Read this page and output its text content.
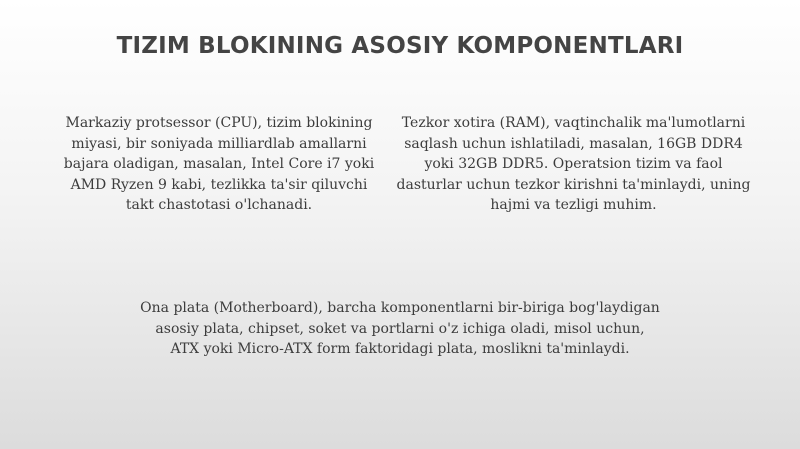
TIZIM BLOKINING ASOSIY KOMPONENTLARI
Markaziy protsessor (CPU), tizim blokining miyasi, bir soniyada milliardlab amallarni bajara oladigan, masalan, Intel Core i7 yoki AMD Ryzen 9 kabi, tezlikka ta'sir qiluvchi takt chastotasi o'lchanadi.
Tezkor xotira (RAM), vaqtinchalik ma'lumotlarni saqlash uchun ishlatiladi, masalan, 16GB DDR4 yoki 32GB DDR5. Operatsion tizim va faol dasturlar uchun tezkor kirishni ta'minlaydi, uning hajmi va tezligi muhim.
Ona plata (Motherboard), barcha komponentlarni bir-biriga bog'laydigan asosiy plata, chipset, soket va portlarni o'z ichiga oladi, misol uchun, ATX yoki Micro-ATX form faktoridagi plata, moslikni ta'minlaydi.
